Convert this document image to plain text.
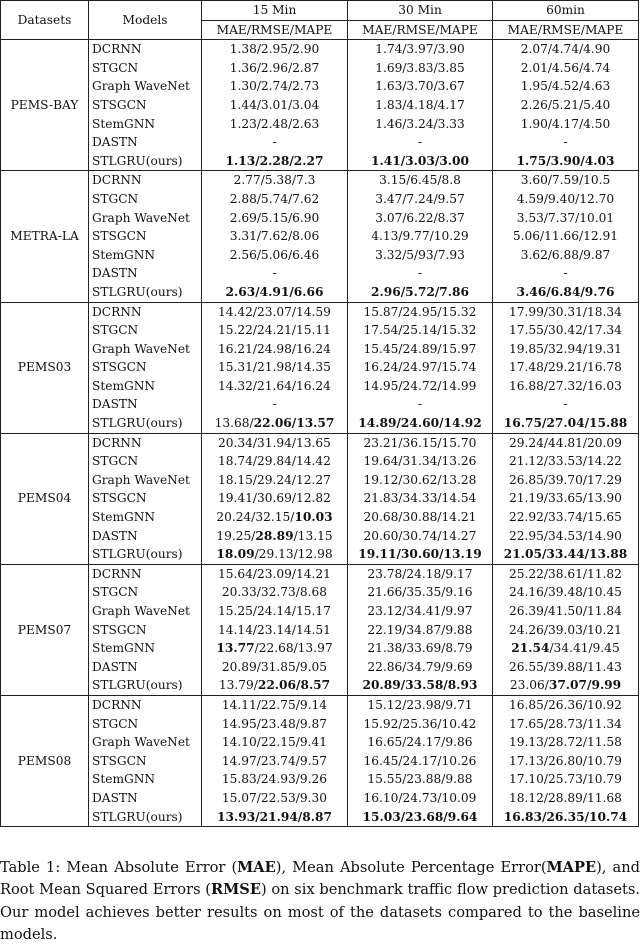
Datasets	Models	15 Min	30 Min	60min
		MAE/RMSE/MAPE	MAE/RMSE/MAPE	MAE/RMSE/MAPE
PEMS-BAY	DCRNN	1.38/2.95/2.90	1.74/3.97/3.90	2.07/4.74/4.90
	STGCN	1.36/2.96/2.87	1.69/3.83/3.85	2.01/4.56/4.74
	Graph WaveNet	1.30/2.74/2.73	1.63/3.70/3.67	1.95/4.52/4.63
	STSGCN	1.44/3.01/3.04	1.83/4.18/4.17	2.26/5.21/5.40
	StemGNN	1.23/2.48/2.63	1.46/3.24/3.33	1.90/4.17/4.50
	DASTN	-	-	-
	STLGRU(ours)	1.13/2.28/2.27	1.41/3.03/3.00	1.75/3.90/4.03
METRA-LA	DCRNN	2.77/5.38/7.3	3.15/6.45/8.8	3.60/7.59/10.5
	STGCN	2.88/5.74/7.62	3.47/7.24/9.57	4.59/9.40/12.70
	Graph WaveNet	2.69/5.15/6.90	3.07/6.22/8.37	3.53/7.37/10.01
	STSGCN	3.31/7.62/8.06	4.13/9.77/10.29	5.06/11.66/12.91
	StemGNN	2.56/5.06/6.46	3.32/5/93/7.93	3.62/6.88/9.87
	DASTN	-	-	-
	STLGRU(ours)	2.63/4.91/6.66	2.96/5.72/7.86	3.46/6.84/9.76
PEMS03	DCRNN	14.42/23.07/14.59	15.87/24.95/15.32	17.99/30.31/18.34
	STGCN	15.22/24.21/15.11	17.54/25.14/15.32	17.55/30.42/17.34
	Graph WaveNet	16.21/24.98/16.24	15.45/24.89/15.97	19.85/32.94/19.31
	STSGCN	15.31/21.98/14.35	16.24/24.97/15.74	17.48/29.21/16.78
	StemGNN	14.32/21.64/16.24	14.95/24.72/14.99	16.88/27.32/16.03
	DASTN	-	-	-
	STLGRU(ours)	13.68/22.06/13.57	14.89/24.60/14.92	16.75/27.04/15.88
PEMS04	DCRNN	20.34/31.94/13.65	23.21/36.15/15.70	29.24/44.81/20.09
	STGCN	18.74/29.84/14.42	19.64/31.34/13.26	21.12/33.53/14.22
	Graph WaveNet	18.15/29.24/12.27	19.12/30.62/13.28	26.85/39.70/17.29
	STSGCN	19.41/30.69/12.82	21.83/34.33/14.54	21.19/33.65/13.90
	StemGNN	20.24/32.15/10.03	20.68/30.88/14.21	22.92/33.74/15.65
	DASTN	19.25/28.89/13.15	20.60/30.74/14.27	22.95/34.53/14.90
	STLGRU(ours)	18.09/29.13/12.98	19.11/30.60/13.19	21.05/33.44/13.88
PEMS07	DCRNN	15.64/23.09/14.21	23.78/24.18/9.17	25.22/38.61/11.82
	STGCN	20.33/32.73/8.68	21.66/35.35/9.16	24.16/39.48/10.45
	Graph WaveNet	15.25/24.14/15.17	23.12/34.41/9.97	26.39/41.50/11.84
	STSGCN	14.14/23.14/14.51	22.19/34.87/9.88	24.26/39.03/10.21
	StemGNN	13.77/22.68/13.97	21.38/33.69/8.79	21.54/34.41/9.45
	DASTN	20.89/31.85/9.05	22.86/34.79/9.69	26.55/39.88/11.43
	STLGRU(ours)	13.79/22.06/8.57	20.89/33.58/8.93	23.06/37.07/9.99
PEMS08	DCRNN	14.11/22.75/9.14	15.12/23.98/9.71	16.85/26.36/10.92
	STGCN	14.95/23.48/9.87	15.92/25.36/10.42	17.65/28.73/11.34
	Graph WaveNet	14.10/22.15/9.41	16.65/24.17/9.86	19.13/28.72/11.58
	STSGCN	14.97/23.74/9.57	16.45/24.17/10.26	17.13/26.80/10.79
	StemGNN	15.83/24.93/9.26	15.55/23.88/9.88	17.10/25.73/10.79
	DASTN	15.07/22.53/9.30	16.10/24.73/10.09	18.12/28.89/11.68
	STLGRU(ours)	13.93/21.94/8.87	15.03/23.68/9.64	16.83/26.35/10.74

Table 1: Mean Absolute Error (MAE), Mean Absolute Percentage Error(MAPE), and Root Mean Squared Errors (RMSE) on six benchmark traffic flow prediction datasets. Our model achieves better results on most of the datasets compared to the baseline models.
